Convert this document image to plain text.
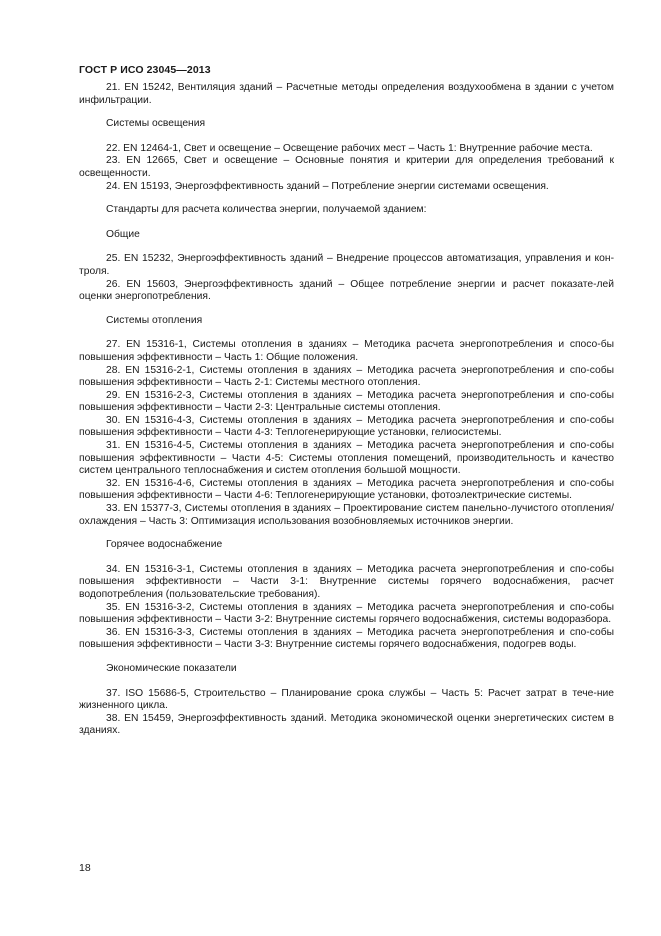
ГОСТ Р ИСО 23045—2013

21. EN 15242, Вентиляция зданий – Расчетные методы определения воздухообмена в здании с учетом инфильтрации.

Системы освещения

22. EN 12464-1, Свет и освещение – Освещение рабочих мест – Часть 1: Внутренние рабочие места.

23. EN 12665, Свет и освещение – Основные понятия и критерии для определения требований к освещенности.

24. EN 15193, Энергоэффективность зданий – Потребление энергии системами освещения.

Стандарты для расчета количества энергии, получаемой зданием:

Общие

25. EN 15232, Энергоэффективность зданий – Внедрение процессов автоматизация, управления и кон-троля.

26. EN 15603, Энергоэффективность зданий – Общее потребление энергии и расчет показате-лей оценки энергопотребления.

Системы отопления

27. EN 15316-1, Системы отопления в зданиях – Методика расчета энергопотребления и спосо-бы повышения эффективности – Часть 1: Общие положения.

28. EN 15316-2-1, Системы отопления в зданиях – Методика расчета энергопотребления и спо-собы повышения эффективности – Часть 2-1: Системы местного отопления.

29. EN 15316-2-3, Системы отопления в зданиях – Методика расчета энергопотребления и спо-собы повышения эффективности – Части 2-3: Центральные системы отопления.

30. EN 15316-4-3, Системы отопления в зданиях – Методика расчета энергопотребления и спо-собы повышения эффективности – Части 4-3: Теплогенерирующие установки, гелиосистемы.

31. EN 15316-4-5, Системы отопления в зданиях – Методика расчета энергопотребления и спо-собы повышения эффективности – Части 4-5: Системы отопления помещений, производительность и качество систем центрального теплоснабжения и систем отопления большой мощности.

32. EN 15316-4-6, Системы отопления в зданиях – Методика расчета энергопотребления и спо-собы повышения эффективности – Части 4-6: Теплогенерирующие установки, фотоэлектрические системы.

33. EN 15377-3, Системы отопления в зданиях – Проектирование систем панельно-лучистого отопления/охлаждения – Часть 3: Оптимизация использования возобновляемых источников энергии.

Горячее водоснабжение

34. EN 15316-3-1, Системы отопления в зданиях – Методика расчета энергопотребления и спо-собы повышения эффективности – Части 3-1: Внутренние системы горячего водоснабжения, расчет водопотребления (пользовательские требования).

35. EN 15316-3-2, Системы отопления в зданиях – Методика расчета энергопотребления и спо-собы повышения эффективности – Части 3-2: Внутренние системы горячего водоснабжения, системы водоразбора.

36. EN 15316-3-3, Системы отопления в зданиях – Методика расчета энергопотребления и спо-собы повышения эффективности – Части 3-3: Внутренние системы горячего водоснабжения, подогрев воды.

Экономические показатели

37. ISO 15686-5, Строительство – Планирование срока службы – Часть 5: Расчет затрат в тече-ние жизненного цикла.

38. EN 15459, Энергоэффективность зданий. Методика экономической оценки энергетических систем в зданиях.

18
